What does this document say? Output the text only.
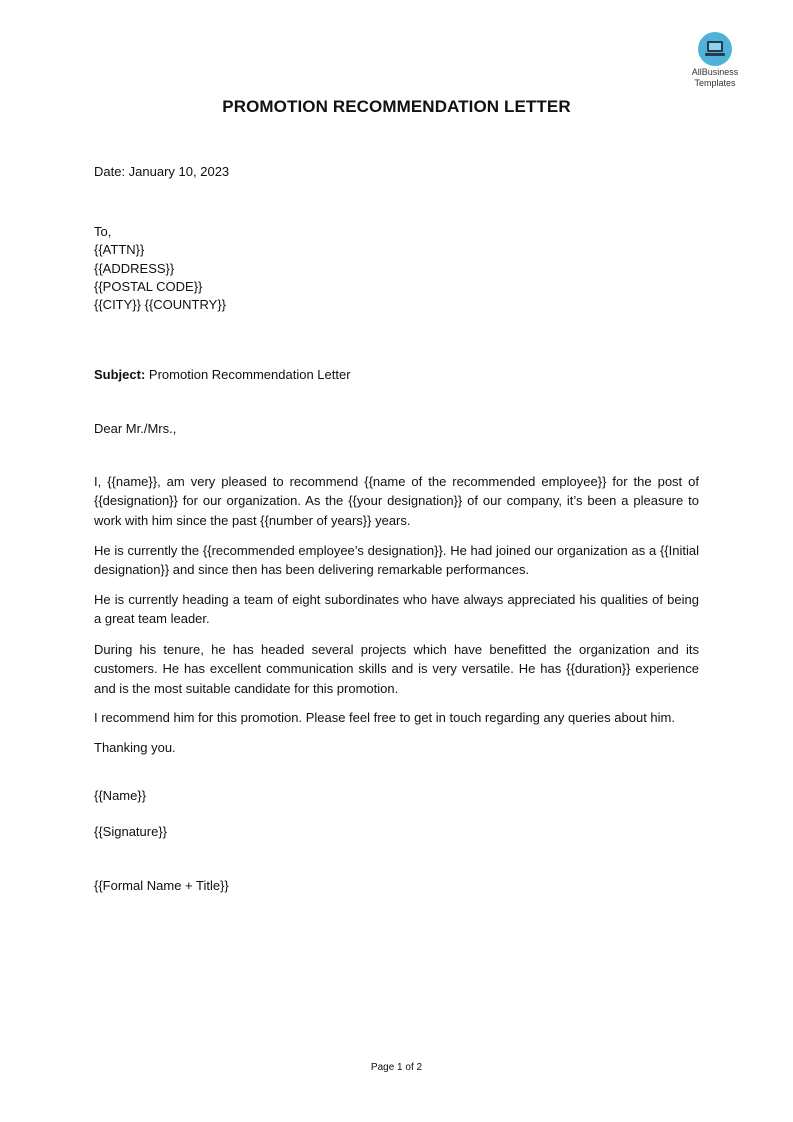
AllBusiness
Templates
PROMOTION RECOMMENDATION LETTER

Date: January 10, 2023

To,
{{ATTN}}
{{ADDRESS}}
{{POSTAL CODE}}
{{CITY}} {{COUNTRY}}

Subject: Promotion Recommendation Letter

Dear Mr./Mrs.,

I, {{name}}, am very pleased to recommend {{name of the recommended employee}} for the post of {{designation}} for our organization. As the {{your designation}} of our company, it’s been a pleasure to work with him since the past {{number of years}} years.

He is currently the {{recommended employee’s designation}}. He had joined our organization as a {{Initial designation}} and since then has been delivering remarkable performances.

He is currently heading a team of eight subordinates who have always appreciated his qualities of being a great team leader.

During his tenure, he has headed several projects which have benefitted the organization and its customers. He has excellent communication skills and is very versatile. He has {{duration}} experience and is the most suitable candidate for this promotion.

I recommend him for this promotion. Please feel free to get in touch regarding any queries about him.

Thanking you.

{{Name}}

{{Signature}}

{{Formal Name + Title}}

Page 1 of 2
